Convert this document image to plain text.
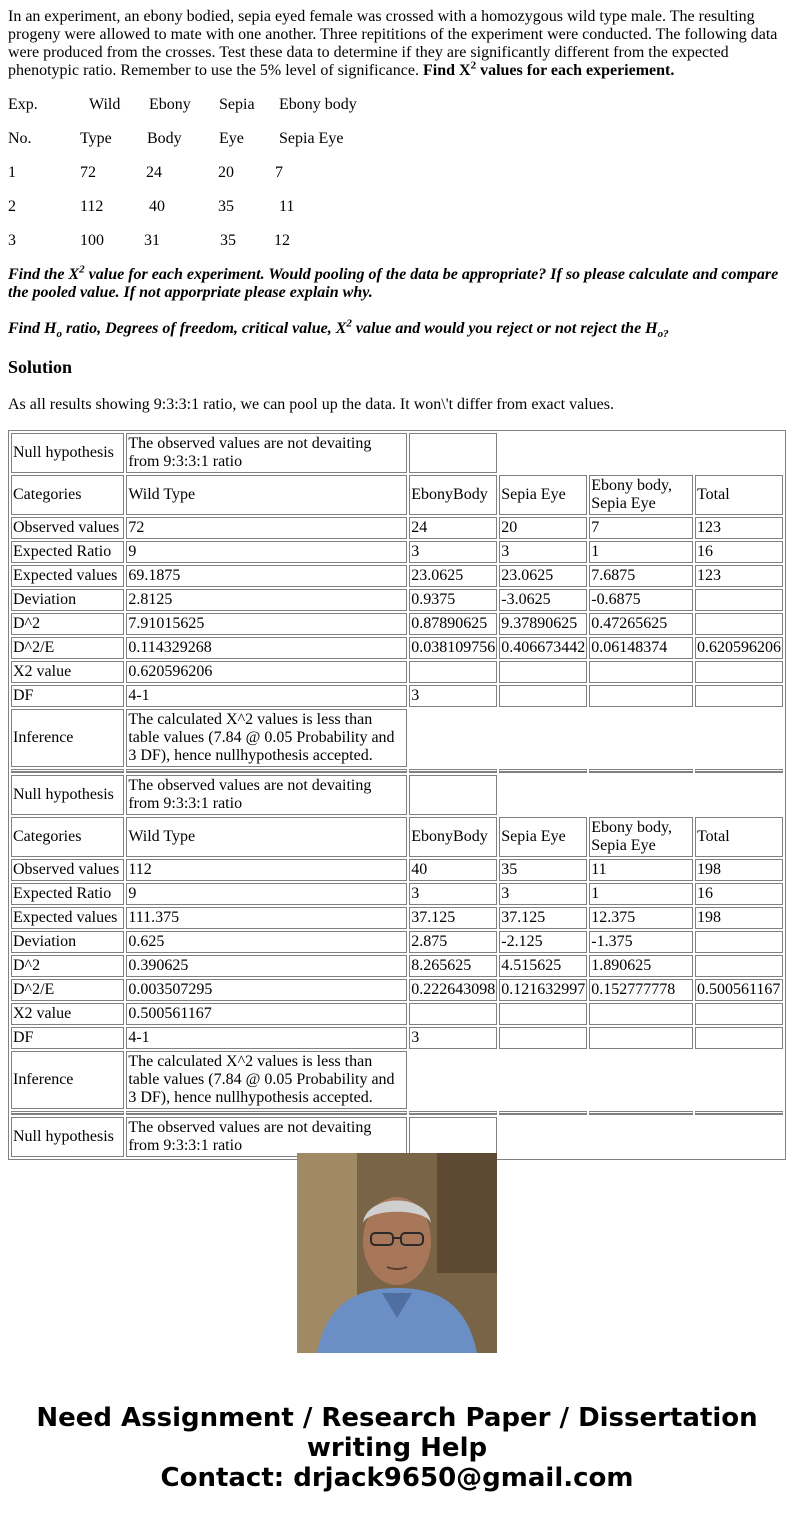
In an experiment, an ebony bodied, sepia eyed female was crossed with a homozygous wild type male. The resulting progeny were allowed to mate with one another. Three repititions of the experiment were conducted. The following data were produced from the crosses. Test these data to determine if they are significantly different from the expected phenotypic ratio. Remember to use the 5% level of significance. Find $X^2$ values for each experiement.

Exp.	Wild	Ebony	Sepia	Ebony body
No.	Type	Body	Eye	Sepia Eye
1	72	24	20	7
2	112	40	35	11
3	100	31	35	12

Find the $X^2$ value for each experiment. Would pooling of the data be appropriate? If so please calculate and compare the pooled value. If not apporpriate please explain why.

Find $H_o$ ratio, Degrees of freedom, critical value, $X^2$ value and would you reject or not reject the $H_{o?}$

Solution

As all results showing 9:3:3:1 ratio, we can pool up the data. It won\'t differ from exact values.

Null hypothesis	The observed values are not devaiting from 9:3:3:1 ratio				
Categories	Wild Type	EbonyBody	Sepia Eye	Ebony body, Sepia Eye	Total
Observed values	72	24	20	7	123
Expected Ratio	9	3	3	1	16
Expected values	69.1875	23.0625	23.0625	7.6875	123
Deviation	2.8125	0.9375	-3.0625	-0.6875	
D^2	7.91015625	0.87890625	9.37890625	0.47265625	
D^2/E	0.114329268	0.038109756	0.406673442	0.06148374	0.620596206
X2 value	0.620596206				
DF	4-1	3			
Inference	The calculated X^2 values is less than table values (7.84 @ 0.05 Probability and 3 DF), hence nullhypothesis accepted.				

Null hypothesis	The observed values are not devaiting from 9:3:3:1 ratio				
Categories	Wild Type	EbonyBody	Sepia Eye	Ebony body, Sepia Eye	Total
Observed values	112	40	35	11	198
Expected Ratio	9	3	3	1	16
Expected values	111.375	37.125	37.125	12.375	198
Deviation	0.625	2.875	-2.125	-1.375	
D^2	0.390625	8.265625	4.515625	1.890625	
D^2/E	0.003507295	0.222643098	0.121632997	0.152777778	0.500561167
X2 value	0.500561167				
DF	4-1	3			
Inference	The calculated X^2 values is less than table values (7.84 @ 0.05 Probability and 3 DF), hence nullhypothesis accepted.				

Null hypothesis	The observed values are not devaiting from 9:3:3:1 ratio				
Need Assignment / Research Paper / Dissertation
writing Help
Contact: drjack9650@gmail.com
